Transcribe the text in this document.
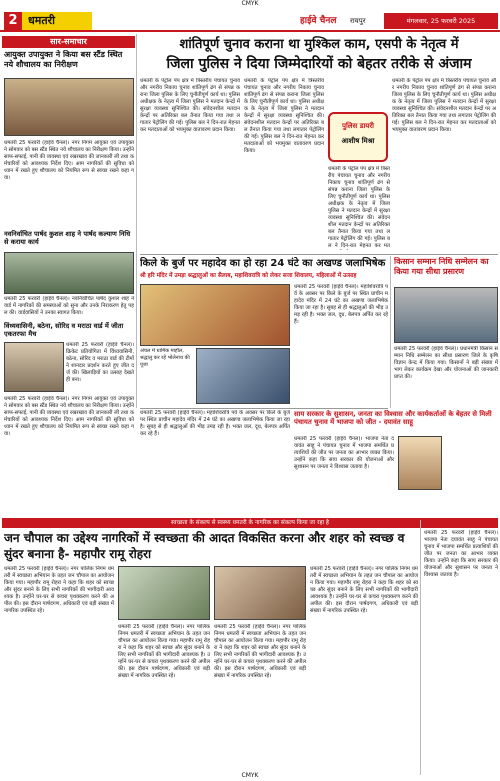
CMYK
2 धमतरी	हाईवे चैनल	रायपुर	मंगलवार, 25 फरवरी 2025
सार-समाचार
आयुक्त उपायुक्त ने किया बस स्टैंड स्थित नये शौचालय का निरीक्षण
धमतरी 25 फरवरी (हाईवे चैनल)। नगर निगम आयुक्त एवं उपायुक्त ने सोमवार को बस स्टैंड स्थित नये शौचालय का निरीक्षण किया। उन्होंने साफ-सफाई, पानी की व्यवस्था एवं रखरखाव की जानकारी ली तथा कर्मचारियों को आवश्यक निर्देश दिए। आम नागरिकों की सुविधा को ध्यान में रखते हुए शौचालय को नियमित रूप से स्वच्छ रखने कहा गया।
नवनिर्वाचित पार्षद कुशल शाह ने पार्षद कल्याण निधि से कराया कार्य
धमतरी 25 फरवरी (हाईवे चैनल)। नवनिर्वाचित पार्षद कुशल शाह ने वार्ड में नागरिकों की समस्याओं को सुना और उनके निराकरण हेतु पहल की। वार्डवासियों ने उनका स्वागत किया।
विंध्यवासिनी, बठेना, सोरिद व मराठा वार्ड में जीता एकतरफा मैच
धमतरी 25 फरवरी (हाईवे चैनल)। क्रिकेट प्रतियोगिता में विंध्यवासिनी, बठेना, सोरिद व मराठा वार्ड की टीमों ने शानदार प्रदर्शन करते हुए जीत दर्ज की। खिलाड़ियों का उत्साह देखते ही बना।
शांतिपूर्ण चुनाव कराना था मुश्किल काम, एसपी के नेतृत्व में
जिला पुलिस ने दिया जिम्मेदारियों को बेहतर तरीके से अंजाम
धमतरी के पेट्रोल पंप क्षेत्र में त्रिस्तरीय पंचायत चुनाव और नगरीय निकाय चुनाव शांतिपूर्ण ढंग से संपन्न कराना जिला पुलिस के लिए चुनौतीपूर्ण कार्य था। पुलिस अधीक्षक के नेतृत्व में जिला पुलिस ने मतदान केन्द्रों में सुरक्षा व्यवस्था सुनिश्चित की। संवेदनशील मतदान केन्द्रों पर अतिरिक्त बल तैनात किया गया तथा लगातार पेट्रोलिंग की गई। पुलिस बल ने दिन-रात मेहनत कर मतदाताओं को भयमुक्त वातावरण प्रदान किया।
धमतरी के पेट्रोल पंप क्षेत्र में त्रिस्तरीय पंचायत चुनाव और नगरीय निकाय चुनाव शांतिपूर्ण ढंग से संपन्न कराना जिला पुलिस के लिए चुनौतीपूर्ण कार्य था। पुलिस अधीक्षक के नेतृत्व में जिला पुलिस ने मतदान केन्द्रों में सुरक्षा व्यवस्था सुनिश्चित की। संवेदनशील मतदान केन्द्रों पर अतिरिक्त बल तैनात किया गया तथा लगातार पेट्रोलिंग की गई। पुलिस बल ने दिन-रात मेहनत कर मतदाताओं को भयमुक्त वातावरण प्रदान किया।
पुलिस डायरी
आशीष मिश्रा
धमतरी के पेट्रोल पंप क्षेत्र में त्रिस्तरीय पंचायत चुनाव और नगरीय निकाय चुनाव शांतिपूर्ण ढंग से संपन्न कराना जिला पुलिस के लिए चुनौतीपूर्ण कार्य था। पुलिस अधीक्षक के नेतृत्व में जिला पुलिस ने मतदान केन्द्रों में सुरक्षा व्यवस्था सुनिश्चित की। संवेदनशील मतदान केन्द्रों पर अतिरिक्त बल तैनात किया गया तथा लगातार पेट्रोलिंग की गई। पुलिस बल ने दिन-रात मेहनत कर मतदाताओं को भयमुक्त वातावरण प्रदान किया।
धमतरी के पेट्रोल पंप क्षेत्र में त्रिस्तरीय पंचायत चुनाव और नगरीय निकाय चुनाव शांतिपूर्ण ढंग से संपन्न कराना जिला पुलिस के लिए चुनौतीपूर्ण कार्य था। पुलिस अधीक्षक के नेतृत्व में जिला पुलिस ने मतदान केन्द्रों में सुरक्षा व्यवस्था सुनिश्चित की। संवेदनशील मतदान केन्द्रों पर अतिरिक्त बल तैनात किया गया तथा लगातार पेट्रोलिंग की गई। पुलिस बल ने दिन-रात मेहनत कर मत
किले के बुर्ज पर महादेव का हो रहा 24 घंटे का अखण्ड जलाभिषेक
श्री हरि मंदिर में उमड़ा श्रद्धालुओं का सैलाब, महाशिवरात्रि को लेकर सजा शिवालय, महिलाओं में उत्साह
अंचल में धार्मिक माहौल, श्रद्धालु कर रहे भोलेनाथ की पूजा
धमतरी 25 फरवरी (हाईवे चैनल)। महाशिवरात्रि पर्व के अवसर पर किले के बुर्ज पर स्थित प्राचीन महादेव मंदिर में 24 घंटे का अखण्ड जलाभिषेक किया जा रहा है। सुबह से ही श्रद्धालुओं की भीड़ उमड़ रही है। भक्त जल, दूध, बेलपत्र अर्पित कर रहे हैं।
किसान सम्मान निधि सम्मेलन का किया गया सीधा प्रसारण
धमतरी 25 फरवरी (हाईवे चैनल)। प्रधानमंत्री किसान सम्मान निधि सम्मेलन का सीधा प्रसारण जिले के कृषि विज्ञान केन्द्र में किया गया। किसानों ने बड़ी संख्या में भाग लेकर कार्यक्रम देखा और योजनाओं की जानकारी प्राप्त की।
साय सरकार के सुशासन, जनता का विश्वास और कार्यकर्ताओं के बेहतर से मिली पंचायत चुनाव में भाजपा को जीत - दयावंत साहू
धमतरी 25 फरवरी (हाईवे चैनल)। भाजपा नेता दयावंत साहू ने पंचायत चुनाव में भाजपा समर्थित प्रत्याशियों की जीत पर जनता का आभार व्यक्त किया। उन्होंने कहा कि साय सरकार की योजनाओं और सुशासन पर जनता ने विश्वास जताया है।
धमतरी 25 फरवरी (हाईवे चैनल)। महाशिवरात्रि पर्व के अवसर पर किले के बुर्ज पर स्थित प्राचीन महादेव मंदिर में 24 घंटे का अखण्ड जलाभिषेक किया जा रहा है। सुबह से ही श्रद्धालुओं की भीड़ उमड़ रही है। भक्त जल, दूध, बेलपत्र अर्पित कर रहे हैं।
धमतरी 25 फरवरी (हाईवे चैनल)। नगर निगम आयुक्त एवं उपायुक्त ने सोमवार को बस स्टैंड स्थित नये शौचालय का निरीक्षण किया। उन्होंने साफ-सफाई, पानी की व्यवस्था एवं रखरखाव की जानकारी ली तथा कर्मचारियों को आवश्यक निर्देश दिए। आम नागरिकों की सुविधा को ध्यान में रखते हुए शौचालय को नियमित रूप से स्वच्छ रखने कहा गया।
स्वच्छता के संकल्प से स्वस्थ्य धमतरी के नागरिक का संकल्प किया जा रहा है
जन चौपाल का उद्देश्य नागरिकों में स्वच्छता की आदत विकसित करना और शहर को स्वच्छ व सुंदर बनाना है- महापौर रामू रोहरा
धमतरी 25 फरवरी (हाईवे चैनल)। नगर पालिक निगम धमतरी में स्वच्छता अभियान के तहत जन चौपाल का आयोजन किया गया। महापौर रामू रोहरा ने कहा कि शहर को स्वच्छ और सुंदर बनाने के लिए सभी नागरिकों की भागीदारी आवश्यक है। उन्होंने घर-घर से कचरा पृथक्करण करने की अपील की। इस दौरान पार्षदगण, अधिकारी एवं बड़ी संख्या में नागरिक उपस्थित रहे।
धमतरी 25 फरवरी (हाईवे चैनल)। नगर पालिक निगम धमतरी में स्वच्छता अभियान के तहत जन चौपाल का आयोजन किया गया। महापौर रामू रोहरा ने कहा कि शहर को स्वच्छ और सुंदर बनाने के लिए सभी नागरिकों की भागीदारी आवश्यक है। उन्होंने घर-घर से कचरा पृथक्करण करने की अपील की। इस दौरान पार्षदगण, अधिकारी एवं बड़ी संख्या में नागरिक उपस्थित रहे।
धमतरी 25 फरवरी (हाईवे चैनल)। नगर पालिक निगम धमतरी में स्वच्छता अभियान के तहत जन चौपाल का आयोजन किया गया। महापौर रामू रोहरा ने कहा कि शहर को स्वच्छ और सुंदर बनाने के लिए सभी नागरिकों की भागीदारी आवश्यक है। उन्होंने घर-घर से कचरा पृथक्करण करने की अपील की। इस दौरान पार्षदगण, अधिकारी एवं बड़ी संख्या में नागरिक उपस्थित रहे।
धमतरी 25 फरवरी (हाईवे चैनल)। नगर पालिक निगम धमतरी में स्वच्छता अभियान के तहत जन चौपाल का आयोजन किया गया। महापौर रामू रोहरा ने कहा कि शहर को स्वच्छ और सुंदर बनाने के लिए सभी नागरिकों की भागीदारी आवश्यक है। उन्होंने घर-घर से कचरा पृथक्करण करने की अपील की। इस दौरान पार्षदगण, अधिकारी एवं बड़ी संख्या में नागरिक उपस्थित रहे।
धमतरी 25 फरवरी (हाईवे चैनल)। भाजपा नेता दयावंत साहू ने पंचायत चुनाव में भाजपा समर्थित प्रत्याशियों की जीत पर जनता का आभार व्यक्त किया। उन्होंने कहा कि साय सरकार की योजनाओं और सुशासन पर जनता ने विश्वास जताया है।
CMYK
